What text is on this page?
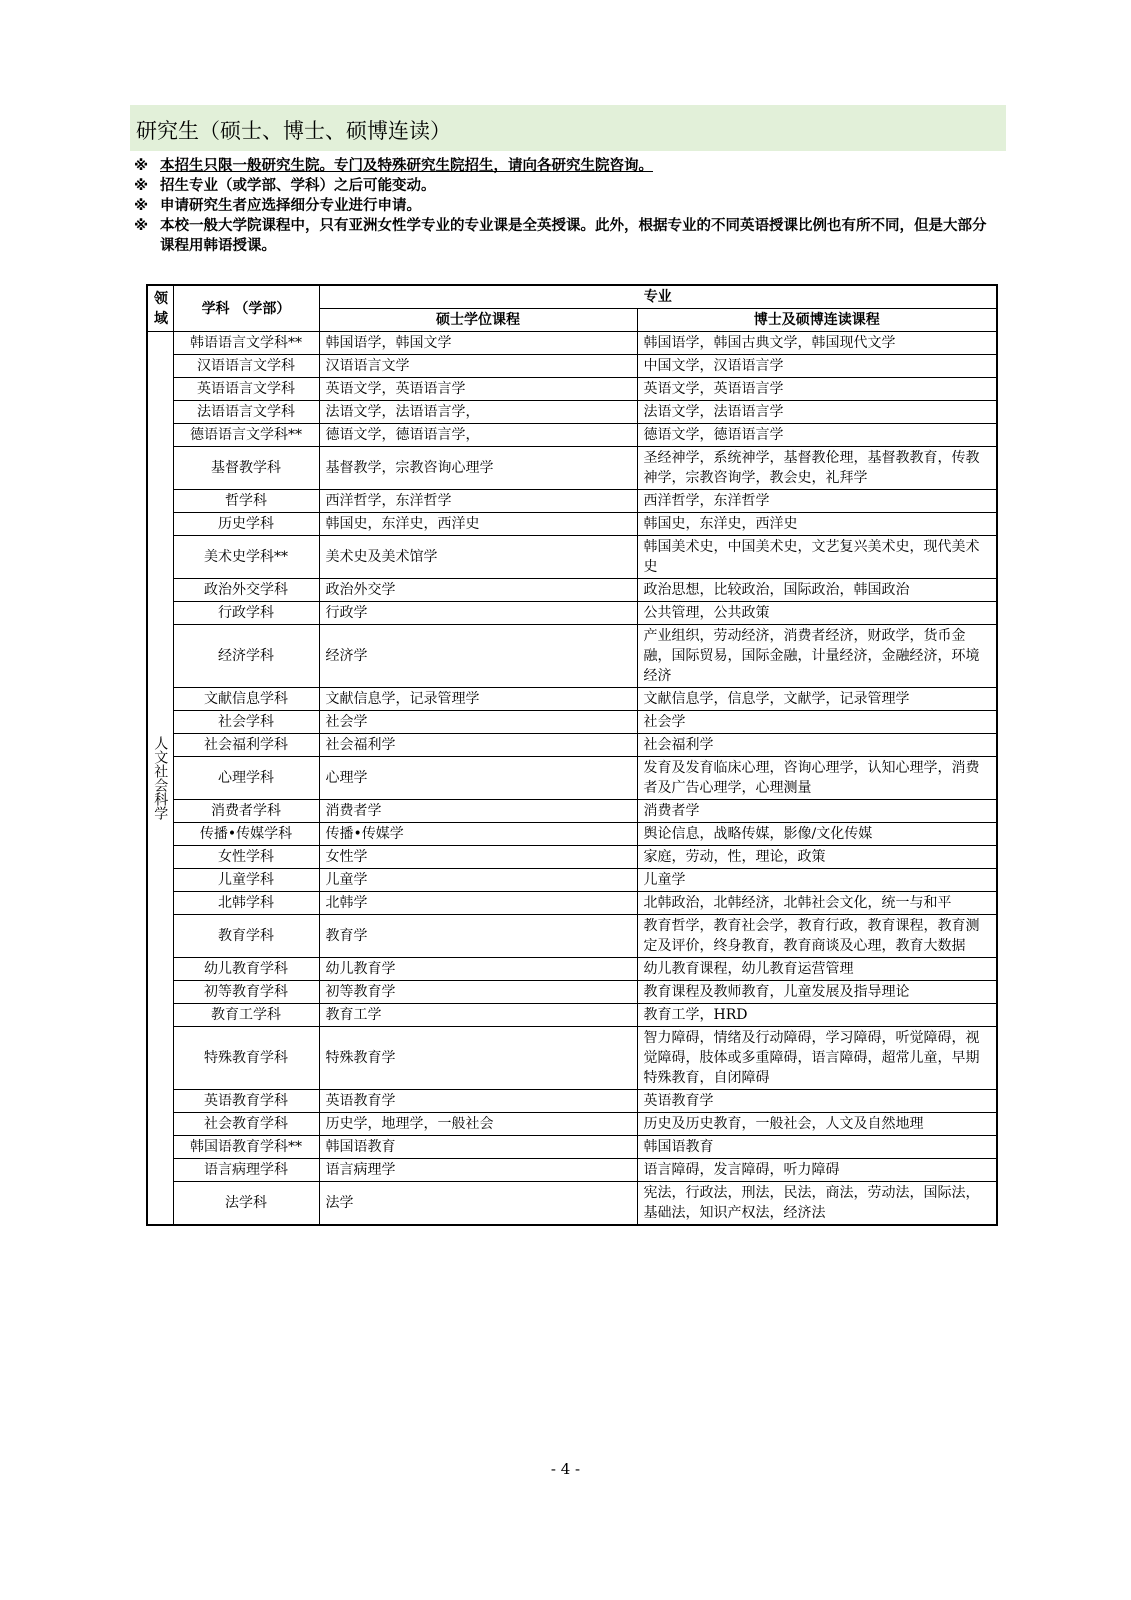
研究生（硕士、博士、硕博连读）
※ 本招生只限一般研究生院。专门及特殊研究生院招生，请向各研究生院咨询。
※ 招生专业（或学部、学科）之后可能变动。
※ 申请研究生者应选择细分专业进行申请。
※ 本校一般大学院课程中，只有亚洲女性学专业的专业课是全英授课。此外，根据专业的不同英语授课比例也有所不同，但是大部分课程用韩语授课。
领域	学科 （学部）	专业	
		硕士学位课程	博士及硕博连读课程
人文社会科学	韩语语言文学科**	韩国语学，韩国文学	韩国语学，韩国古典文学，韩国现代文学
	汉语语言文学科	汉语语言文学	中国文学，汉语语言学
	英语语言文学科	英语文学，英语语言学	英语文学，英语语言学
	法语语言文学科	法语文学，法语语言学，	法语文学，法语语言学
	德语语言文学科**	德语文学，德语语言学，	德语文学，德语语言学
	基督教学科	基督教学，宗教咨询心理学	圣经神学，系统神学，基督教伦理，基督教教育，传教神学，宗教咨询学，教会史，礼拜学
	哲学科	西洋哲学，东洋哲学	西洋哲学，东洋哲学
	历史学科	韩国史，东洋史，西洋史	韩国史，东洋史，西洋史
	美术史学科**	美术史及美术馆学	韩国美术史，中国美术史，文艺复兴美术史，现代美术史
	政治外交学科	政治外交学	政治思想，比较政治，国际政治，韩国政治
	行政学科	行政学	公共管理，公共政策
	经济学科	经济学	产业组织，劳动经济，消费者经济，财政学，货币金融，国际贸易，国际金融，计量经济，金融经济，环境经济
	文献信息学科	文献信息学，记录管理学	文献信息学，信息学，文献学，记录管理学
	社会学科	社会学	社会学
	社会福利学科	社会福利学	社会福利学
	心理学科	心理学	发育及发育临床心理，咨询心理学，认知心理学，消费者及广告心理学，心理测量
	消费者学科	消费者学	消费者学
	传播•传媒学科	传播•传媒学	舆论信息，战略传媒，影像/文化传媒
	女性学科	女性学	家庭，劳动，性，理论，政策
	儿童学科	儿童学	儿童学
	北韩学科	北韩学	北韩政治，北韩经济，北韩社会文化，统一与和平
	教育学科	教育学	教育哲学，教育社会学，教育行政，教育课程，教育测定及评价，终身教育，教育商谈及心理，教育大数据
	幼儿教育学科	幼儿教育学	幼儿教育课程，幼儿教育运营管理
	初等教育学科	初等教育学	教育课程及教师教育，儿童发展及指导理论
	教育工学科	教育工学	教育工学，HRD
	特殊教育学科	特殊教育学	智力障碍，情绪及行动障碍，学习障碍，听觉障碍，视觉障碍，肢体或多重障碍，语言障碍，超常儿童，早期特殊教育，自闭障碍
	英语教育学科	英语教育学	英语教育学
	社会教育学科	历史学，地理学，一般社会	历史及历史教育，一般社会，人文及自然地理
	韩国语教育学科**	韩国语教育	韩国语教育
	语言病理学科	语言病理学	语言障碍，发言障碍，听力障碍
	法学科	法学	宪法，行政法，刑法，民法，商法，劳动法，国际法，基础法，知识产权法，经济法
- 4 -
